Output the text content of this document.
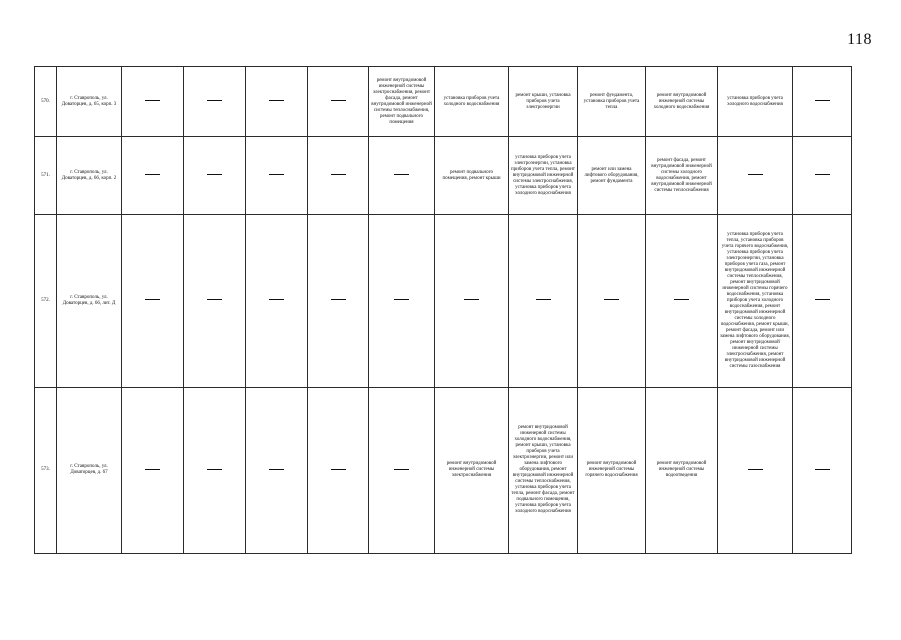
118
570.	г. Ставрополь, ул. Доваторцев, д. 65, корп. 3					ремонт внутридомовой инженерной системы электроснабжения, ремонт фасада, ремонт внутридомовой инженерной системы теплоснабжения, ремонт подвального помещения	установка приборов учета холодного водоснабжения	ремонт крыши, установка приборов учета электроэнергии	ремонт фундамента, установка приборов учета тепла	ремонт внутридомовой инженерной системы холодного водоснабжения	установка приборов учета холодного водоснабжения	
571.	г. Ставрополь, ул. Доваторцев, д. 66, корп. 2						ремонт подвального помещения, ремонт крыши	установка приборов учета электроэнергии, установка приборов учета тепла, ремонт внутридомовой инженерной системы электроснабжения, установка приборов учета холодного водоснабжения	ремонт или замена лифтового оборудования, ремонт фундамента	ремонт фасада, ремонт внутридомовой инженерной системы холодного водоснабжения, ремонт внутридомовой инженерной системы теплоснабжения		
572.	г. Ставрополь, ул. Доваторцев, д. 66, лит. Д										установка приборов учета тепла, установка приборов учета горячего водоснабжения, установка приборов учета электроэнергии, установка приборов учета газа, ремонт внутридомовой инженерной системы теплоснабжения, ремонт внутридомовой инженерной системы горячего водоснабжения, установка приборов учета холодного водоснабжения, ремонт внутридомовой инженерной системы холодного водоснабжения, ремонт крыши, ремонт фасада, ремонт или замена лифтового оборудования, ремонт внутридомовой инженерной системы электроснабжения, ремонт внутридомовой инженерной системы газоснабжения	
573.	г. Ставрополь, ул. Доваторцев, д. 67						ремонт внутридомовой инженерной системы электроснабжения	ремонт внутридомовой инженерной системы холодного водоснабжения, ремонт крыши, установка приборов учета электроэнергии, ремонт или замена лифтового оборудования, ремонт внутридомовой инженерной системы теплоснабжения, установка приборов учета тепла, ремонт фасада, ремонт подвального помещения, установка приборов учета холодного водоснабжения	ремонт внутридомовой инженерной системы горячего водоснабжения	ремонт внутридомовой инженерной системы водоотведения		
